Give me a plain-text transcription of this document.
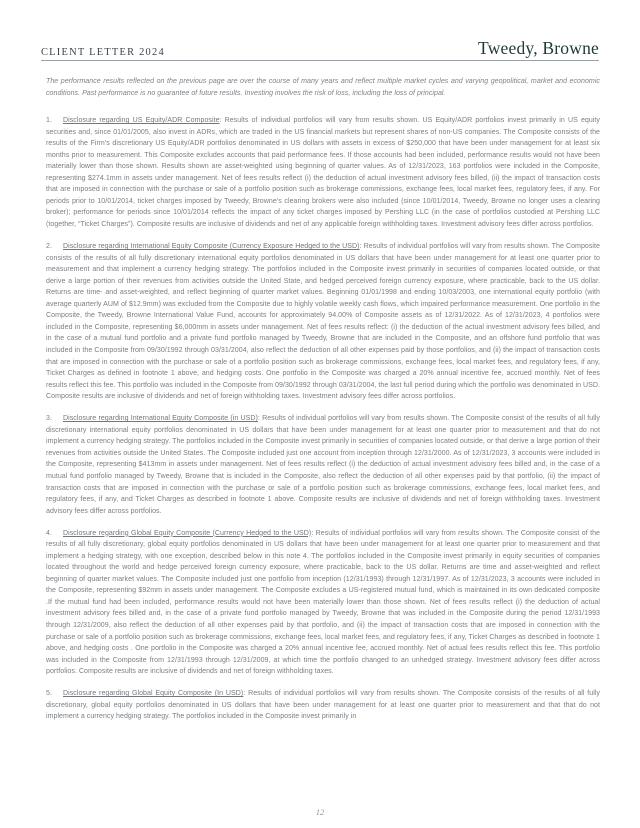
CLIENT LETTER 2024	Tweedy, Browne

The performance results reflected on the previous page are over the course of many years and reflect multiple market cycles and varying geopolitical, market and economic conditions. Past performance is no guarantee of future results. Investing involves the risk of loss, including the loss of principal.

1. Disclosure regarding US Equity/ADR Composite: Results of individual portfolios will vary from results shown. US Equity/ADR portfolios invest primarily in US equity securities and, since 01/01/2005, also invest in ADRs, which are traded in the US financial markets but represent shares of non-US companies. The Composite consists of the results of the Firm’s discretionary US Equity/ADR portfolios denominated in US dollars with assets in excess of $250,000 that have been under management for at least six months prior to measurement. This Composite excludes accounts that paid performance fees. If those accounts had been included, performance results would not have been materially lower than those shown. Results shown are asset-weighted using beginning of quarter values. As of 12/31/2023, 163 portfolios were included in the Composite, representing $274.1mm in assets under management. Net of fees results reflect (i) the deduction of actual investment advisory fees billed, (ii) the impact of transaction costs that are imposed in connection with the purchase or sale of a portfolio position such as brokerage commissions, exchange fees, local market fees, regulatory fees, if any. For periods prior to 10/01/2014, ticket charges imposed by Tweedy, Browne’s clearing brokers were also included (since 10/01/2014, Tweedy, Browne no longer uses a clearing broker); performance for periods since 10/01/2014 reflects the impact of any ticket charges imposed by Pershing LLC (in the case of portfolios custodied at Pershing LLC (together, “Ticket Charges”). Composite results are inclusive of dividends and net of any applicable foreign withholding taxes. Investment advisory fees differ across portfolios.

2. Disclosure regarding International Equity Composite (Currency Exposure Hedged to the USD): Results of individual portfolios will vary from results shown. The Composite consists of the results of all fully discretionary international equity portfolios denominated in US dollars that have been under management for at least one quarter prior to measurement and that implement a currency hedging strategy. The portfolios included in the Composite invest primarily in securities of companies located outside, or that derive a large portion of their revenues from activities outside the United State, and hedged perceived foreign currency exposure, where practicable, back to the US dollar. Returns are time- and asset-weighted, and reflect beginning of quarter market values. Beginning 01/01/1998 and ending 10/03/2003, one international equity portfolio (with average quarterly AUM of $12.9mm) was excluded from the Composite due to highly volatile weekly cash flows, which impaired performance measurement. One portfolio in the Composite, the Tweedy, Browne International Value Fund, accounts for approximately 94.00% of Composite assets as of 12/31/2022. As of 12/31/2023, 4 portfolios were included in the Composite, representing $6,000mm in assets under management. Net of fees results reflect: (i) the deduction of the actual investment advisory fees billed, and in the case of a mutual fund portfolio and a private fund portfolio managed by Tweedy, Browne that are included in the Composite, and an offshore fund portfolio that was included in the Composite from 09/30/1992 through 03/31/2004, also reflect the deduction of all other expenses paid by those portfolios, and (ii) the impact of transaction costs that are imposed in connection with the purchase or sale of a portfolio position such as brokerage commissions, exchange fees, local market fees, and regulatory fees, if any, Ticket Charges as defined in footnote 1 above, and hedging costs. One portfolio in the Composite was charged a 20% annual incentive fee, accrued monthly. Net of fees results reflect this fee. This portfolio was included in the Composite from 09/30/1992 through 03/31/2004, the last full period during which the portfolio was denominated in USD. Composite results are inclusive of dividends and net of foreign withholding taxes. Investment advisory fees differ across portfolios.

3. Disclosure regarding International Equity Composite (in USD): Results of individual portfolios will vary from results shown. The Composite consist of the results of all fully discretionary international equity portfolios denominated in US dollars that have been under management for at least one quarter prior to measurement and that do not implement a currency hedging strategy. The portfolios included in the Composite invest primarily in securities of companies located outside, or that derive a large portion of their revenues from activities outside the United States. The Composite included just one account from inception through 12/31/2000. As of 12/31/2023, 3 accounts were included in the Composite, representing $413mm in assets under management. Net of fees results reflect (i) the deduction of actual investment advisory fees billed and, in the case of a mutual fund portfolio managed by Tweedy, Browne that is included in the Composite, also reflect the deduction of all other expenses paid by that portfolio, (ii) the impact of transaction costs that are imposed in connection with the purchase or sale of a portfolio position such as brokerage commissions, exchange fees, local market fees, and regulatory fees, if any, and Ticket Charges as described in footnote 1 above. Composite results are inclusive of dividends and net of foreign withholding taxes. Investment advisory fees differ across portfolios.

4. Disclosure regarding Global Equity Composite (Currency Hedged to the USD): Results of individual portfolios will vary from results shown. The Composite consist of the results of all fully discretionary, global equity portfolios denominated in US dollars that have been under management for at least one quarter prior to measurement and that implement a hedging strategy, with one exception, described below in this note 4. The portfolios included in the Composite invest primarily in equity securities of companies located throughout the world and hedge perceived foreign currency exposure, where practicable, back to the US dollar. Returns are time and asset-weighted and reflect beginning of quarter market values. The Composite included just one portfolio from inception (12/31/1993) through 12/31/1997. As of 12/31/2023, 3 accounts were included in the Composite, representing $92mm in assets under management. The Composite excludes a US-registered mutual fund, which is maintained in its own dedicated composite .If the mutual fund had been included, performance results would not have been materially lower than those shown. Net of fees results reflect (i) the deduction of actual investment advisory fees billed and, in the case of a private fund portfolio managed by Tweedy, Browne that was included in the Composite during the period 12/31/1993 through 12/31/2009, also reflect the deduction of all other expenses paid by that portfolio, and (ii) the impact of transaction costs that are imposed in connection with the purchase or sale of a portfolio position such as brokerage commissions, exchange fees, local market fees, and regulatory fees, if any, Ticket Charges as described in footnote 1 above, and hedging costs . One portfolio in the Composite was charged a 20% annual incentive fee, accrued monthly. Net of actual fees results reflect this fee. This portfolio was included in the Composite from 12/31/1993 through 12/31/2009, at which time the portfolio changed to an unhedged strategy. Investment advisory fees differ across portfolios. Composite results are inclusive of dividends and net of foreign withholding taxes.

5. Disclosure regarding Global Equity Composite (In USD): Results of individual portfolios will vary from results shown. The Composite consists of the results of all fully discretionary, global equity portfolios denominated in US dollars that have been under management for at least one quarter prior to measurement and that that do not implement a currency hedging strategy. The portfolios included in the Composite invest primarily in

12
